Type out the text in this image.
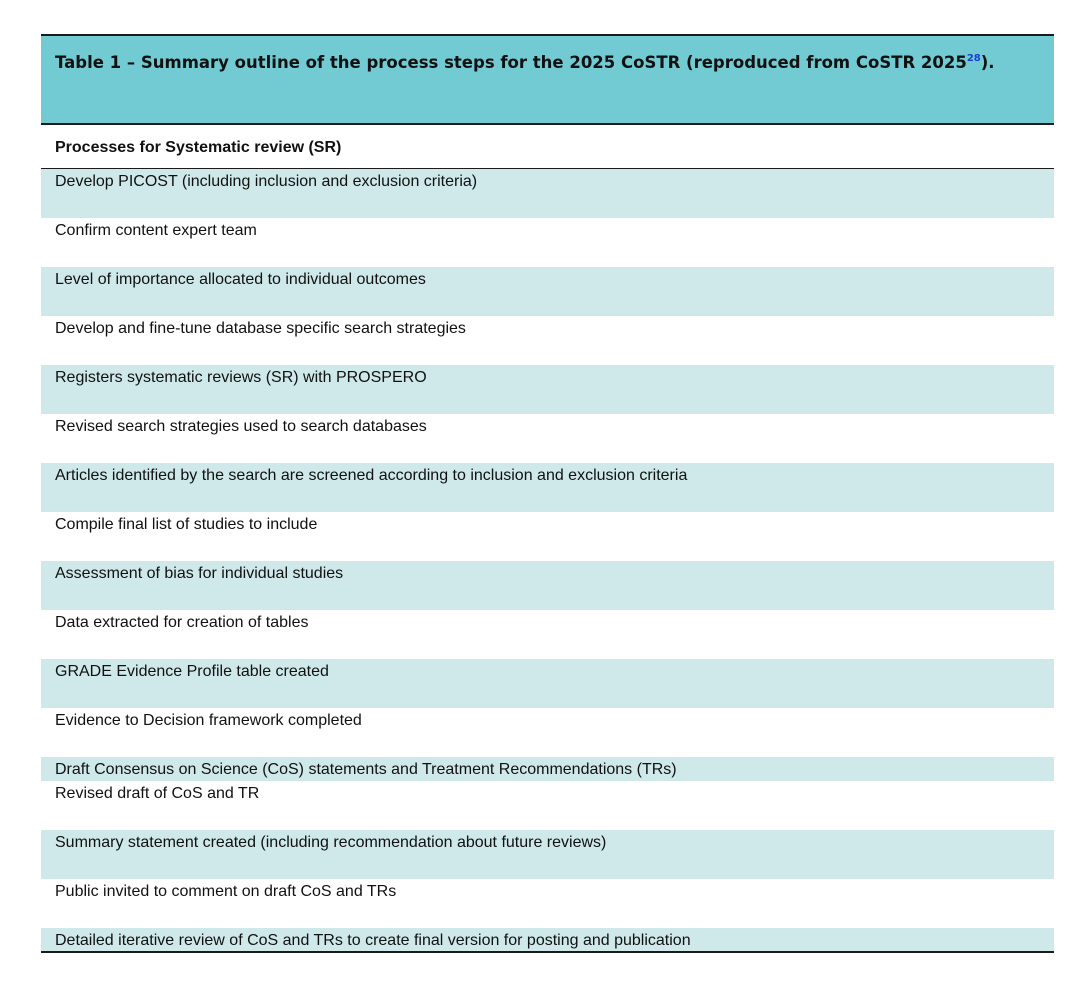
Table 1 – Summary outline of the process steps for the 2025 CoSTR (reproduced from CoSTR 2025$^{28}$).
Processes for Systematic review (SR)
Develop PICOST (including inclusion and exclusion criteria)
Confirm content expert team
Level of importance allocated to individual outcomes
Develop and fine-tune database specific search strategies
Registers systematic reviews (SR) with PROSPERO
Revised search strategies used to search databases
Articles identified by the search are screened according to inclusion and exclusion criteria
Compile final list of studies to include
Assessment of bias for individual studies
Data extracted for creation of tables
GRADE Evidence Profile table created
Evidence to Decision framework completed
Draft Consensus on Science (CoS) statements and Treatment Recommendations (TRs)
Revised draft of CoS and TR
Summary statement created (including recommendation about future reviews)
Public invited to comment on draft CoS and TRs
Detailed iterative review of CoS and TRs to create final version for posting and publication
